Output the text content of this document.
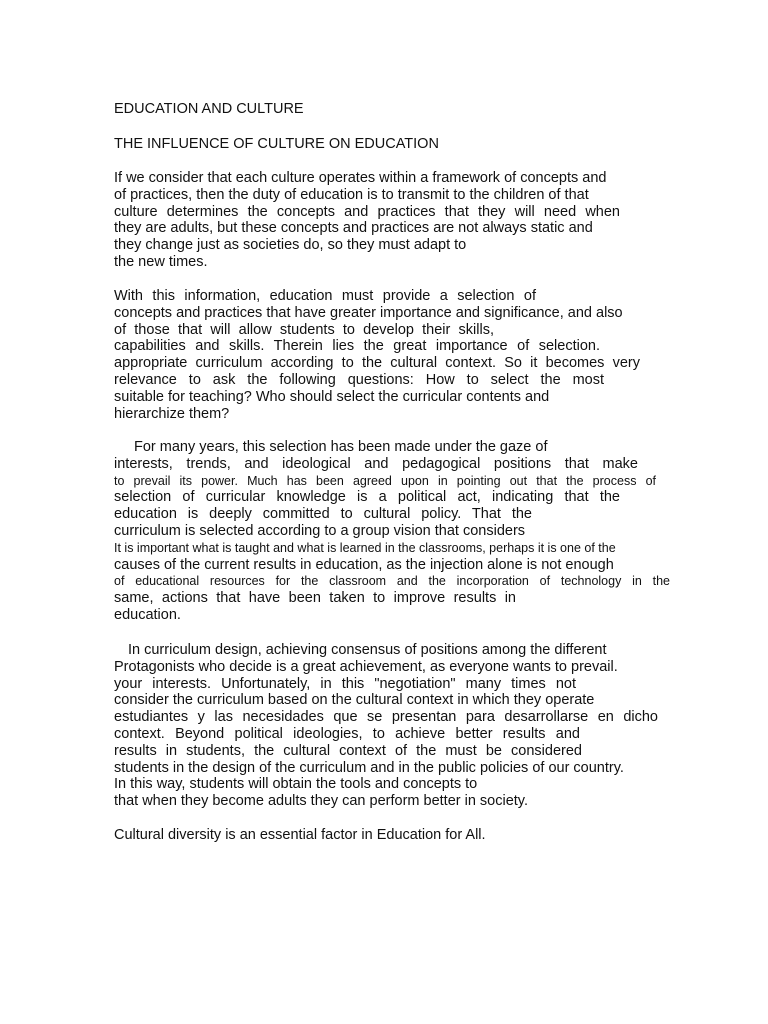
EDUCATION AND CULTURE
THE INFLUENCE OF CULTURE ON EDUCATION
If we consider that each culture operates within a framework of concepts and
of practices, then the duty of education is to transmit to the children of that
culture determines the concepts and practices that they will need when
they are adults, but these concepts and practices are not always static and
they change just as societies do, so they must adapt to
the new times.
With this information, education must provide a selection of
concepts and practices that have greater importance and significance, and also
of those that will allow students to develop their skills,
capabilities and skills. Therein lies the great importance of selection.
appropriate curriculum according to the cultural context. So it becomes very
relevance to ask the following questions: How to select the most
suitable for teaching? Who should select the curricular contents and
hierarchize them?
For many years, this selection has been made under the gaze of
interests, trends, and ideological and pedagogical positions that make
to prevail its power. Much has been agreed upon in pointing out that the process of
selection of curricular knowledge is a political act, indicating that the
education is deeply committed to cultural policy. That the
curriculum is selected according to a group vision that considers
It is important what is taught and what is learned in the classrooms, perhaps it is one of the
causes of the current results in education, as the injection alone is not enough
of educational resources for the classroom and the incorporation of technology in the
same, actions that have been taken to improve results in
education.
In curriculum design, achieving consensus of positions among the different
Protagonists who decide is a great achievement, as everyone wants to prevail.
your interests. Unfortunately, in this "negotiation" many times not
consider the curriculum based on the cultural context in which they operate
estudiantes y las necesidades que se presentan para desarrollarse en dicho
context. Beyond political ideologies, to achieve better results and
results in students, the cultural context of the must be considered
students in the design of the curriculum and in the public policies of our country.
In this way, students will obtain the tools and concepts to
that when they become adults they can perform better in society.
Cultural diversity is an essential factor in Education for All.
